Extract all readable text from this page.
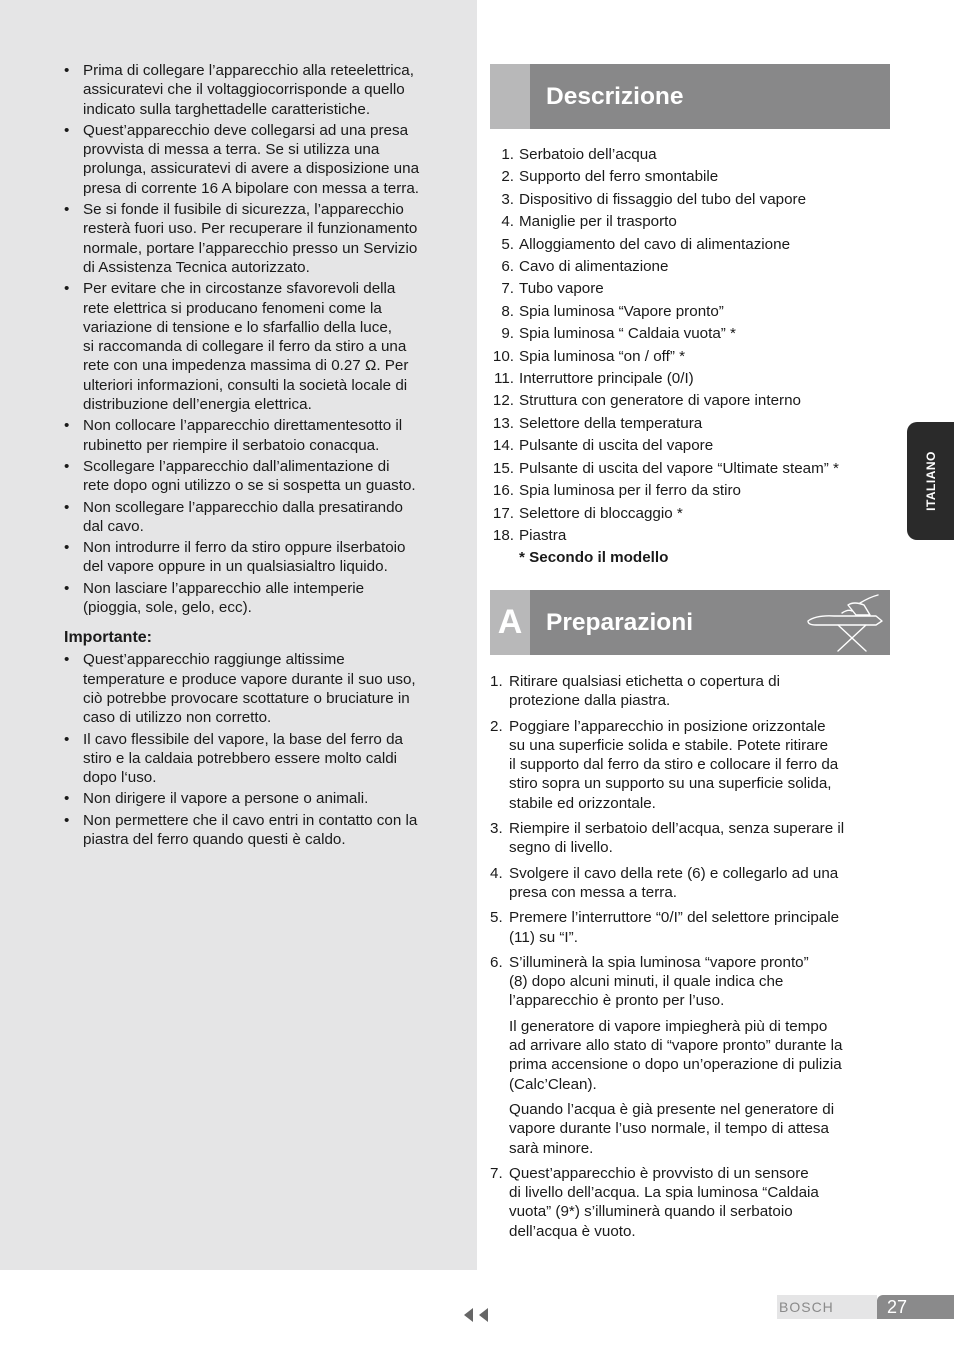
• Prima di collegare l’apparecchio alla reteelettrica,
assicuratevi che il voltaggiocorrisponde a quello
indicato sulla targhettadelle caratteristiche.
• Quest’apparecchio deve collegarsi ad una presa
provvista di messa a terra. Se si utilizza una
prolunga, assicuratevi di avere a disposizione una
presa di corrente 16 A bipolare con messa a terra.
• Se si fonde il fusibile di sicurezza, l’apparecchio
resterà fuori uso. Per recuperare il funzionamento
normale, portare l’apparecchio presso un Servizio
di Assistenza Tecnica autorizzato.
• Per evitare che in circostanze sfavorevoli della
rete elettrica si producano fenomeni come la
variazione di tensione e lo sfarfallio della luce,
si raccomanda di collegare il ferro da stiro a una
rete con una impedenza massima di 0.27 Ω. Per
ulteriori informazioni, consulti la società locale di
distribuzione dell’energia elettrica.
• Non collocare l’apparecchio direttamentesotto il
rubinetto per riempire il serbatoio conacqua.
• Scollegare l’apparecchio dall’alimentazione di
rete dopo ogni utilizzo o se si sospetta un guasto.
• Non scollegare l’apparecchio dalla presatirando
dal cavo.
• Non introdurre il ferro da stiro oppure ilserbatoio
del vapore oppure in un qualsiasialtro liquido.
• Non lasciare l’apparecchio alle intemperie
(pioggia, sole, gelo, ecc).
Importante:
• Quest’apparecchio raggiunge altissime
temperature e produce vapore durante il suo uso,
ciò potrebbe provocare scottature o bruciature in
caso di utilizzo non corretto.
• Il cavo flessibile del vapore, la base del ferro da
stiro e la caldaia potrebbero essere molto caldi
dopo l‘uso.
• Non dirigere il vapore a persone o animali.
• Non permettere che il cavo entri in contatto con la
piastra del ferro quando questi è caldo.
Descrizione
1. Serbatoio dell’acqua
2. Supporto del ferro smontabile
3. Dispositivo di fissaggio del tubo del vapore
4. Maniglie per il trasporto
5. Alloggiamento del cavo di alimentazione
6. Cavo di alimentazione
7. Tubo vapore
8. Spia luminosa “Vapore pronto”
9. Spia luminosa “ Caldaia vuota” *
10. Spia luminosa “on / off” *
11. Interruttore principale (0/I)
12. Struttura con generatore di vapore interno
13. Selettore della temperatura
14. Pulsante di uscita del vapore
15. Pulsante di uscita del vapore “Ultimate steam” *
16. Spia luminosa per il ferro da stiro
17. Selettore di bloccaggio *
18. Piastra
* Secondo il modello
A Preparazioni
1. Ritirare qualsiasi etichetta o copertura di
protezione dalla piastra.
2. Poggiare l’apparecchio in posizione orizzontale
su una superficie solida e stabile. Potete ritirare
il supporto dal ferro da stiro e collocare il ferro da
stiro sopra un supporto su una superficie solida,
stabile ed orizzontale.
3. Riempire il serbatoio dell’acqua, senza superare il
segno di livello.
4. Svolgere il cavo della rete (6) e collegarlo ad una
presa con messa a terra.
5. Premere l’interruttore “0/I” del selettore principale
(11) su “I”.
6. S’illuminerà la spia luminosa “vapore pronto”
(8) dopo alcuni minuti, il quale indica che
l’apparecchio è pronto per l’uso.
Il generatore di vapore impiegherà più di tempo
ad arrivare allo stato di “vapore pronto” durante la
prima accensione o dopo un’operazione di pulizia
(Calc’Clean).
Quando l’acqua è già presente nel generatore di
vapore durante l’uso normale, il tempo di attesa
sarà minore.
7. Quest’apparecchio è provvisto di un sensore
di livello dell’acqua. La spia luminosa “Caldaia
vuota” (9*) s’illuminerà quando il serbatoio
dell’acqua è vuoto.
ITALIANO
BOSCH	27
